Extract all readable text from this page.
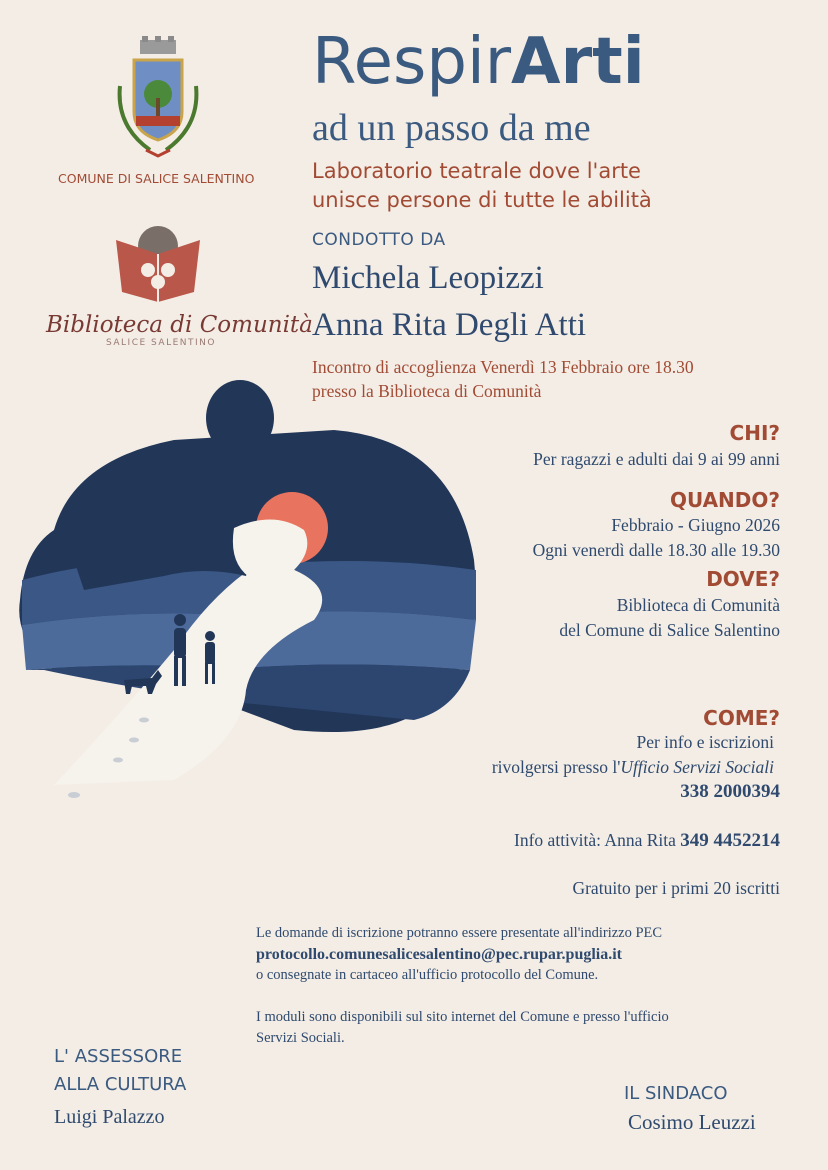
COMUNE DI SALICE SALENTINO
Biblioteca di Comunità
SALICE SALENTINO
RespirArti
ad un passo da me
Laboratorio teatrale dove l'arte
unisce persone di tutte le abilità
CONDOTTO DA
Michela Leopizzi
Anna Rita Degli Atti
Incontro di accoglienza Venerdì 13 Febbraio ore 18.30
presso la Biblioteca di Comunità
CHI?
Per ragazzi e adulti dai 9 ai 99 anni
QUANDO?
Febbraio - Giugno 2026
Ogni venerdì dalle 18.30 alle 19.30
DOVE?
Biblioteca di Comunità
del Comune di Salice Salentino
COME?
Per info e iscrizioni
rivolgersi presso l'Ufficio Servizi Sociali
338 2000394
Info attività: Anna Rita 349 4452214
Gratuito per i primi 20 iscritti
Le domande di iscrizione potranno essere presentate all'indirizzo PEC
protocollo.comunesalicesalentino@pec.rupar.puglia.it
o consegnate in cartaceo all'ufficio protocollo del Comune.
I moduli sono disponibili sul sito internet del Comune e presso l'ufficio
Servizi Sociali.
L' ASSESSORE
ALLA CULTURA
Luigi Palazzo
IL SINDACO
Cosimo Leuzzi
